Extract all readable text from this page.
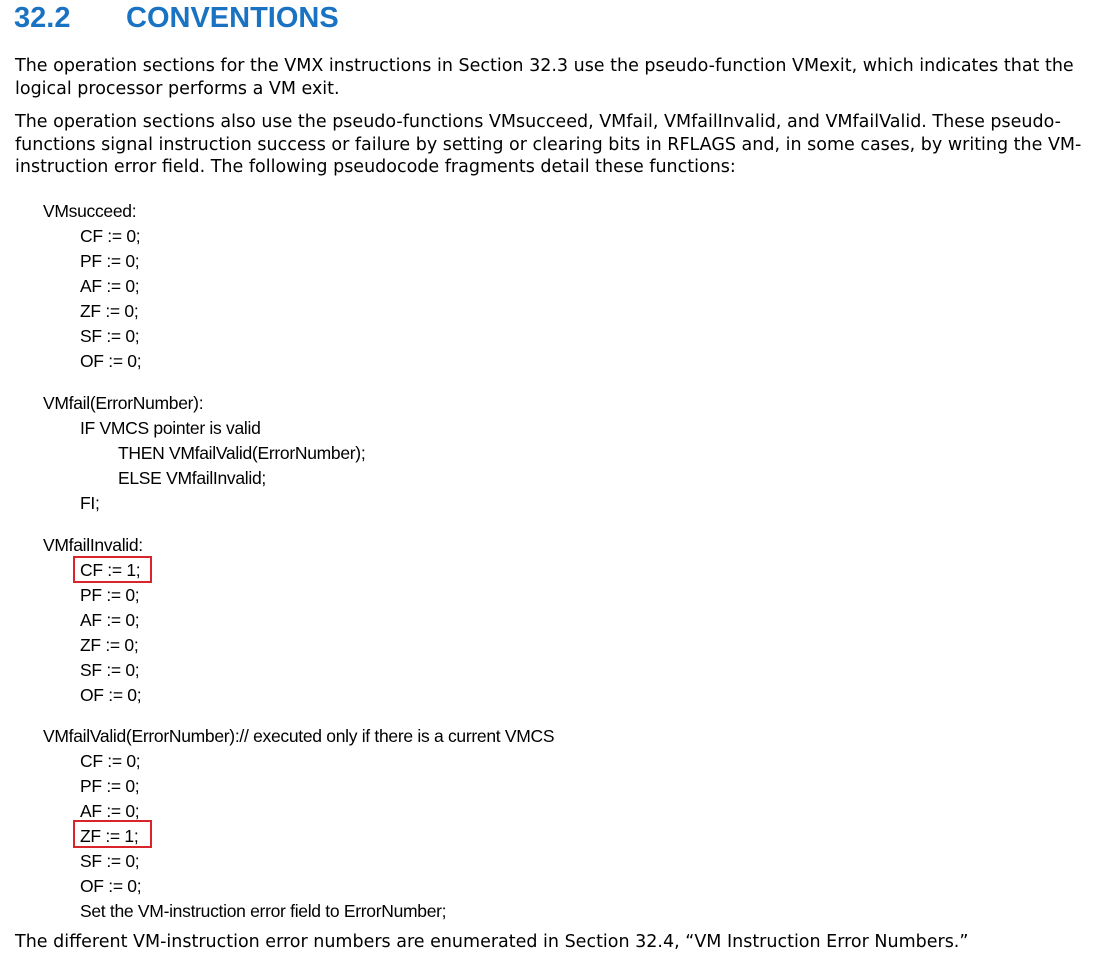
32.2 CONVENTIONS
The operation sections for the VMX instructions in Section 32.3 use the pseudo-function VMexit, which indicates that the logical processor performs a VM exit.
The operation sections also use the pseudo-functions VMsucceed, VMfail, VMfailInvalid, and VMfailValid. These pseudo-functions signal instruction success or failure by setting or clearing bits in RFLAGS and, in some cases, by writing the VM-instruction error field. The following pseudocode fragments detail these functions:
VMsucceed:
CF := 0;
PF := 0;
AF := 0;
ZF := 0;
SF := 0;
OF := 0;
VMfail(ErrorNumber):
IF VMCS pointer is valid
THEN VMfailValid(ErrorNumber);
ELSE VMfailInvalid;
FI;
VMfailInvalid:
CF := 1;
PF := 0;
AF := 0;
ZF := 0;
SF := 0;
OF := 0;
VMfailValid(ErrorNumber):// executed only if there is a current VMCS
CF := 0;
PF := 0;
AF := 0;
ZF := 1;
SF := 0;
OF := 0;
Set the VM-instruction error field to ErrorNumber;
The different VM-instruction error numbers are enumerated in Section 32.4, “VM Instruction Error Numbers.”
